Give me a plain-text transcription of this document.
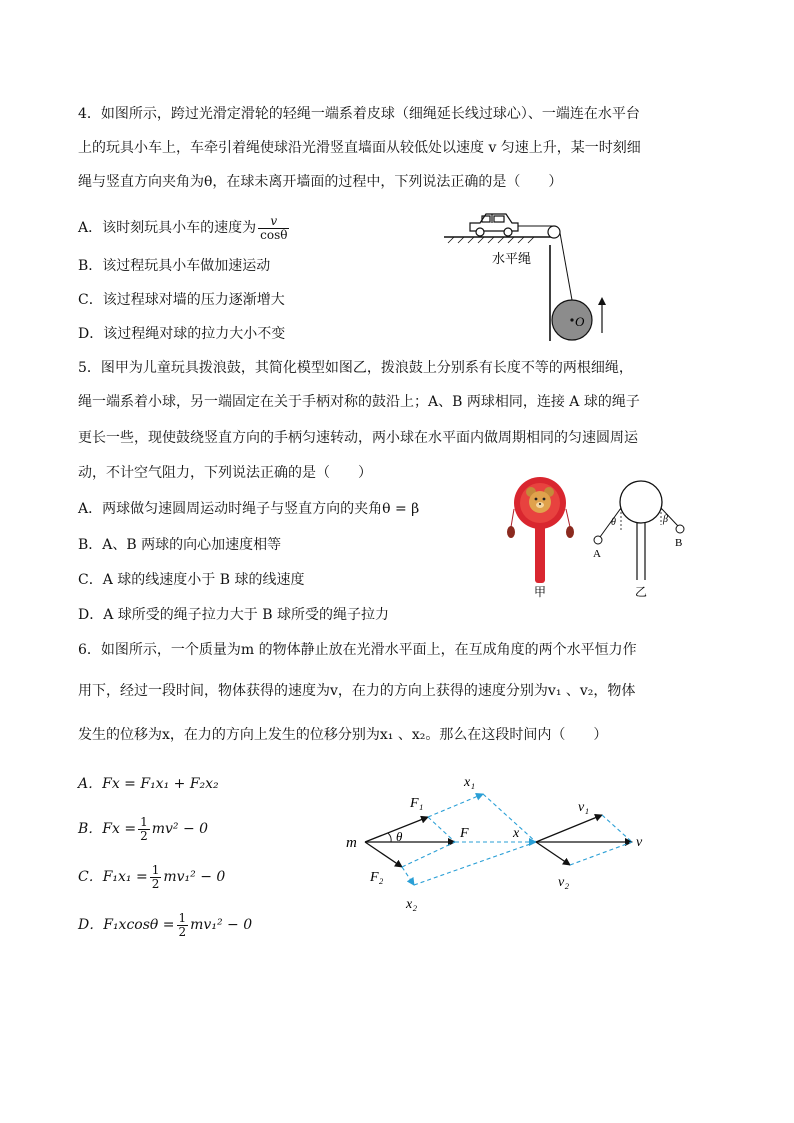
4．如图所示，跨过光滑定滑轮的轻绳一端系着皮球（细绳延长线过球心）、一端连在水平台
上的玩具小车上，车牵引着绳使球沿光滑竖直墙面从较低处以速度 v 匀速上升，某一时刻细
绳与竖直方向夹角为θ，在球未离开墙面的过程中，下列说法正确的是（　　）
A．该时刻玩具小车的速度为 $\frac{v}{\cos\theta}$
B．该过程玩具小车做加速运动
C．该过程球对墙的压力逐渐增大
D．该过程绳对球的拉力大小不变
O
水平绳
5．图甲为儿童玩具拨浪鼓，其简化模型如图乙，拨浪鼓上分别系有长度不等的两根细绳，
绳一端系着小球，另一端固定在关于手柄对称的鼓沿上；A、B 两球相同，连接 A 球的绳子
更长一些，现使鼓绕竖直方向的手柄匀速转动，两小球在水平面内做周期相同的匀速圆周运
动，不计空气阻力，下列说法正确的是（　　）
A．两球做匀速圆周运动时绳子与竖直方向的夹角θ = β
B．A、B 两球的向心加速度相等
C．A 球的线速度小于 B 球的线速度
D．A 球所受的绳子拉力大于 B 球所受的绳子拉力
甲
θ
A
β
B
乙
6．如图所示，一个质量为m 的物体静止放在光滑水平面上，在互成角度的两个水平恒力作
用下，经过一段时间，物体获得的速度为v，在力的方向上获得的速度分别为v₁ 、v₂，物体
发生的位移为x，在力的方向上发生的位移分别为x₁ 、x₂。那么在这段时间内（　　）
A．Fx = F₁x₁ + F₂x₂
B．$Fx = \frac{1}{2} mv^2 - 0$
C．$F_1x_1 = \frac{1}{2} mv_1^2 - 0$
D．$F_1xcos\theta = \frac{1}{2} mv_1^2 - 0$
m
F₁
θ	F
F₂
x₁
x
x₂
v₁
v
v₂
